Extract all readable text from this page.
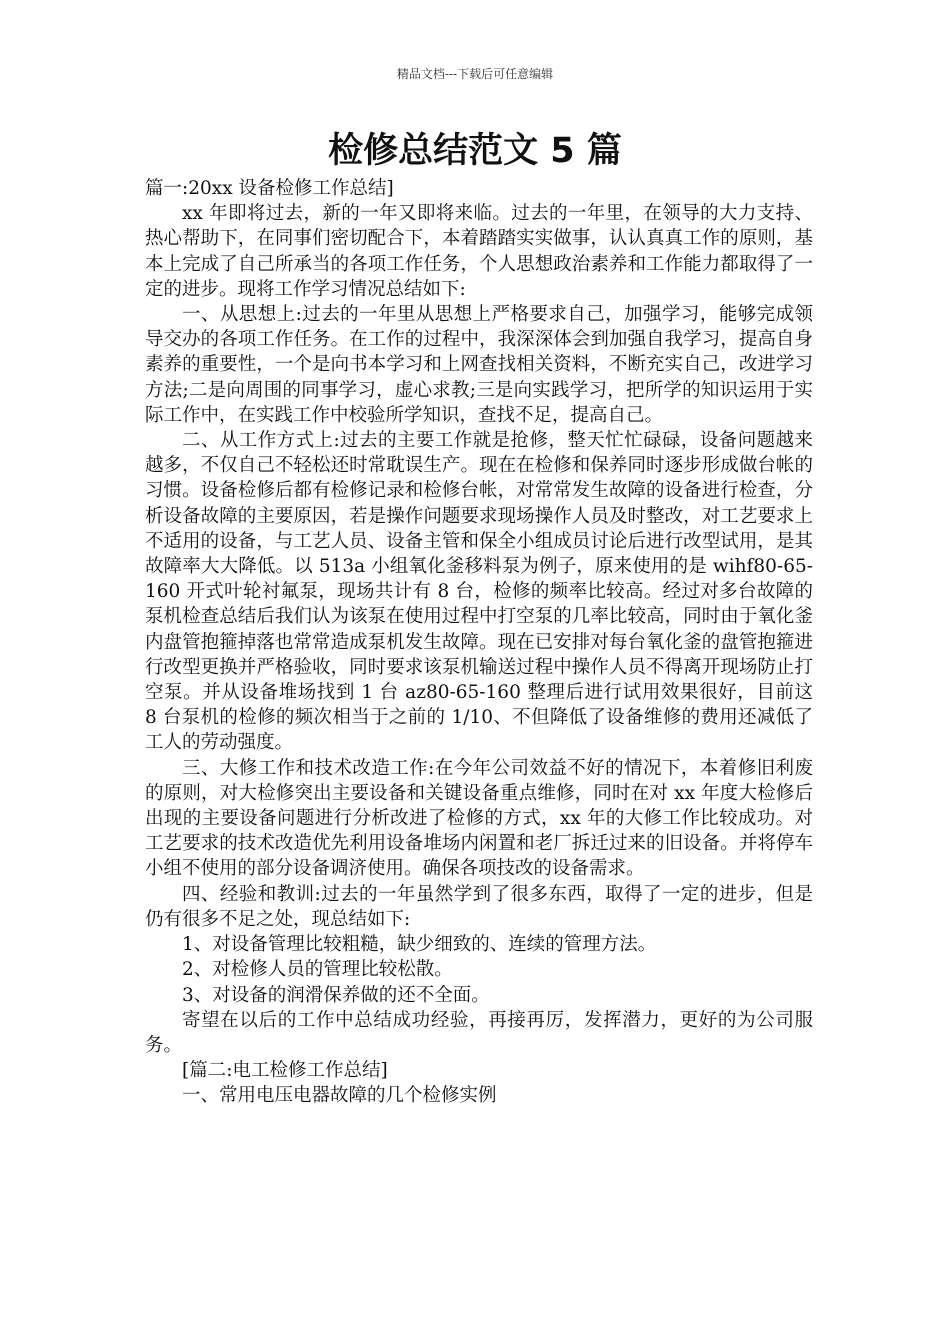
精品文档---下载后可任意编辑
检修总结范文 5 篇

篇一:20xx 设备检修工作总结]

xx 年即将过去，新的一年又即将来临。过去的一年里，在领导的大力支持、热心帮助下，在同事们密切配合下，本着踏踏实实做事，认认真真工作的原则，基本上完成了自己所承当的各项工作任务，个人思想政治素养和工作能力都取得了一定的进步。现将工作学习情况总结如下:

一、从思想上:过去的一年里从思想上严格要求自己，加强学习，能够完成领导交办的各项工作任务。在工作的过程中，我深深体会到加强自我学习，提高自身素养的重要性，一个是向书本学习和上网查找相关资料，不断充实自己，改进学习方法;二是向周围的同事学习，虚心求教;三是向实践学习，把所学的知识运用于实际工作中，在实践工作中校验所学知识，查找不足，提高自己。

二、从工作方式上:过去的主要工作就是抢修，整天忙忙碌碌，设备问题越来越多，不仅自己不轻松还时常耽误生产。现在在检修和保养同时逐步形成做台帐的习惯。设备检修后都有检修记录和检修台帐，对常常发生故障的设备进行检查，分析设备故障的主要原因，若是操作问题要求现场操作人员及时整改，对工艺要求上不适用的设备，与工艺人员、设备主管和保全小组成员讨论后进行改型试用，是其故障率大大降低。以 513a 小组氧化釜移料泵为例子，原来使用的是 wihf80-65-160 开式叶轮衬氟泵，现场共计有 8 台，检修的频率比较高。经过对多台故障的泵机检查总结后我们认为该泵在使用过程中打空泵的几率比较高，同时由于氧化釜内盘管抱箍掉落也常常造成泵机发生故障。现在已安排对每台氧化釜的盘管抱箍进行改型更换并严格验收，同时要求该泵机输送过程中操作人员不得离开现场防止打空泵。并从设备堆场找到 1 台 az80-65-160 整理后进行试用效果很好，目前这 8 台泵机的检修的频次相当于之前的 1/10、不但降低了设备维修的费用还减低了工人的劳动强度。

三、大修工作和技术改造工作:在今年公司效益不好的情况下，本着修旧利废的原则，对大检修突出主要设备和关键设备重点维修，同时在对 xx 年度大检修后出现的主要设备问题进行分析改进了检修的方式，xx 年的大修工作比较成功。对工艺要求的技术改造优先利用设备堆场内闲置和老厂拆迁过来的旧设备。并将停车小组不使用的部分设备调济使用。确保各项技改的设备需求。

四、经验和教训:过去的一年虽然学到了很多东西，取得了一定的进步，但是仍有很多不足之处，现总结如下:

1、对设备管理比较粗糙，缺少细致的、连续的管理方法。

2、对检修人员的管理比较松散。

3、对设备的润滑保养做的还不全面。

寄望在以后的工作中总结成功经验，再接再厉，发挥潜力，更好的为公司服务。

[篇二:电工检修工作总结]

一、常用电压电器故障的几个检修实例
